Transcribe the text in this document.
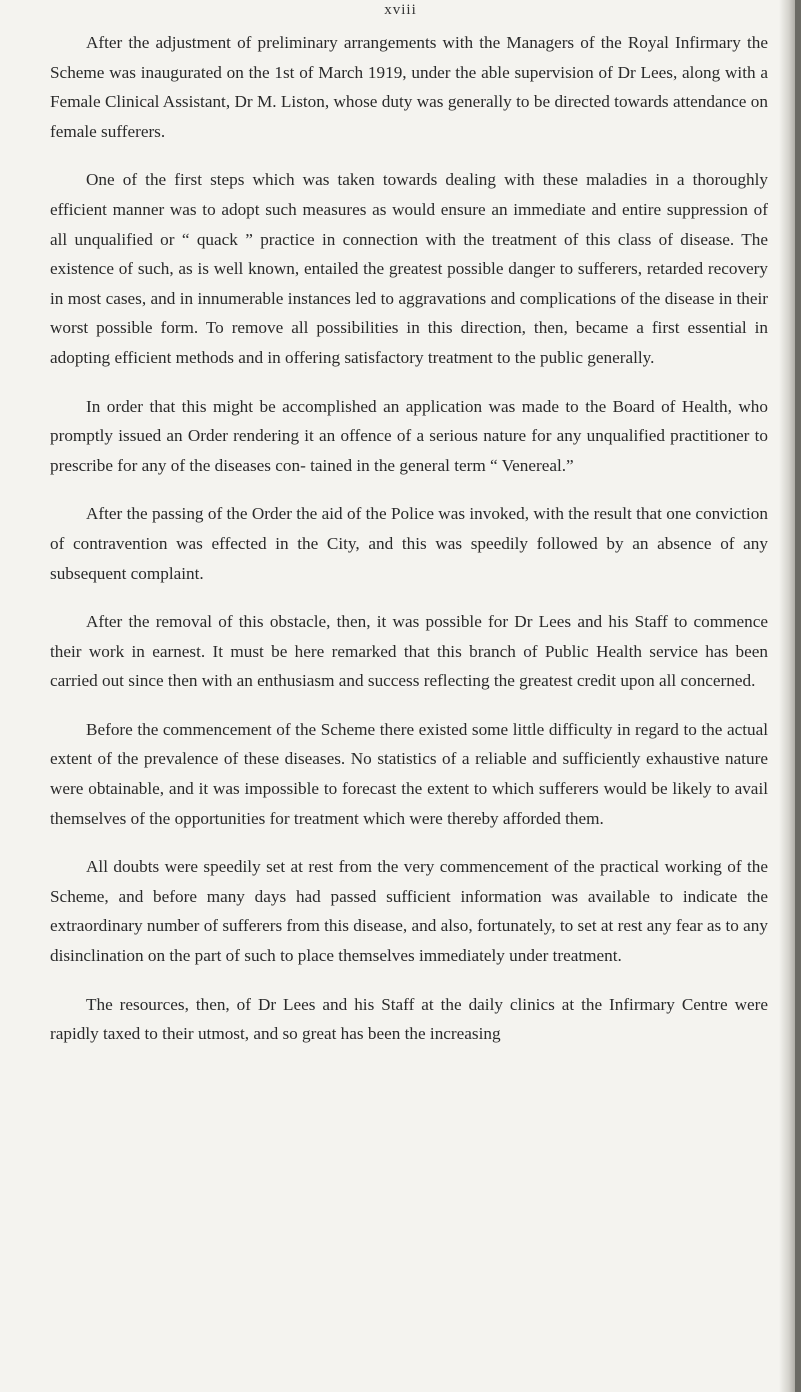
xviii

After the adjustment of preliminary arrangements with the Managers of the Royal Infirmary the Scheme was inaugurated on the 1st of March 1919, under the able supervision of Dr Lees, along with a Female Clinical Assistant, Dr M. Liston, whose duty was generally to be directed towards attendance on female sufferers.

One of the first steps which was taken towards dealing with these maladies in a thoroughly efficient manner was to adopt such measures as would ensure an immediate and entire suppression of all unqualified or “ quack ” practice in connection with the treatment of this class of disease. The existence of such, as is well known, entailed the greatest possible danger to sufferers, retarded recovery in most cases, and in innumerable instances led to aggravations and complications of the disease in their worst possible form. To remove all possibilities in this direction, then, became a first essential in adopting efficient methods and in offering satisfactory treatment to the public generally.

In order that this might be accomplished an application was made to the Board of Health, who promptly issued an Order rendering it an offence of a serious nature for any unqualified practitioner to prescribe for any of the diseases con- tained in the general term “ Venereal.”

After the passing of the Order the aid of the Police was invoked, with the result that one conviction of contravention was effected in the City, and this was speedily followed by an absence of any subsequent complaint.

After the removal of this obstacle, then, it was possible for Dr Lees and his Staff to commence their work in earnest. It must be here remarked that this branch of Public Health service has been carried out since then with an enthusiasm and success reflecting the greatest credit upon all concerned.

Before the commencement of the Scheme there existed some little difficulty in regard to the actual extent of the prevalence of these diseases. No statistics of a reliable and sufficiently exhaustive nature were obtainable, and it was impossible to forecast the extent to which sufferers would be likely to avail themselves of the opportunities for treatment which were thereby afforded them.

All doubts were speedily set at rest from the very commencement of the practical working of the Scheme, and before many days had passed sufficient information was available to indicate the extraordinary number of sufferers from this disease, and also, fortunately, to set at rest any fear as to any disinclination on the part of such to place themselves immediately under treatment.

The resources, then, of Dr Lees and his Staff at the daily clinics at the Infirmary Centre were rapidly taxed to their utmost, and so great has been the increasing
